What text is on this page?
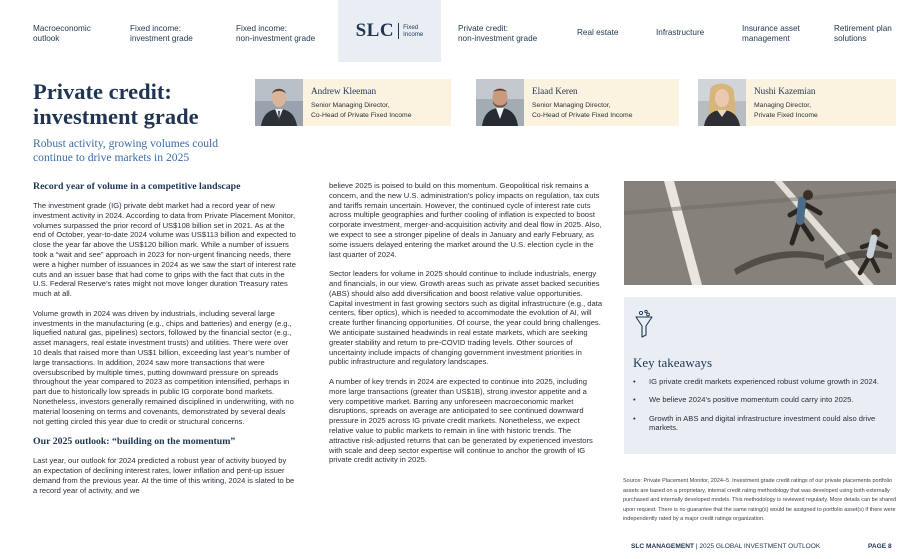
Macroeconomic
outlook
Fixed income:
investment grade
Fixed income:
non-investment grade SLC Fixed
Income
Private credit:
non-investment grade
Real estate	Infrastructure	Insurance asset
management
Retirement plan
solutions
Private credit:
investment grade
Robust activity, growing volumes could continue to drive markets in 2025
Andrew Kleeman
Senior Managing Director,
Co-Head of Private Fixed Income
Elaad Keren
Senior Managing Director,
Co-Head of Private Fixed Income
Nushi Kazemian
Managing Director,
Private Fixed Income
Record year of volume in a competitive landscape

The investment grade (IG) private debt market had a record year of new investment activity in 2024. According to data from Private Placement Monitor, volumes surpassed the prior record of US$108 billion set in 2021. As at the end of October, year-to-date 2024 volume was US$113 billion and expected to close the year far above the US$120 billion mark. While a number of issuers took a “wait and see” approach in 2023 for non-urgent financing needs, there were a higher number of issuances in 2024 as we saw the start of interest rate cuts and an issuer base that had come to grips with the fact that cuts in the U.S. Federal Reserve’s rates might not move longer duration Treasury rates much at all.

Volume growth in 2024 was driven by industrials, including several large investments in the manufacturing (e.g., chips and batteries) and energy (e.g., liquefied natural gas, pipelines) sectors, followed by the financial sector (e.g., asset managers, real estate investment trusts) and utilities. There were over 10 deals that raised more than US$1 billion, exceeding last year’s number of large transactions. In addition, 2024 saw more transactions that were oversubscribed by multiple times, putting downward pressure on spreads throughout the year compared to 2023 as competition intensified, perhaps in part due to historically low spreads in public IG corporate bond markets. Nonetheless, investors generally remained disciplined in underwriting, with no material loosening on terms and covenants, demonstrated by several deals not getting circled this year due to credit or structural concerns.

Our 2025 outlook: “building on the momentum”

Last year, our outlook for 2024 predicted a robust year of activity buoyed by an expectation of declining interest rates, lower inflation and pent-up issuer demand from the previous year. At the time of this writing, 2024 is slated to be a record year of activity, and we

believe 2025 is poised to build on this momentum. Geopolitical risk remains a concern, and the new U.S. administration’s policy impacts on regulation, tax cuts and tariffs remain uncertain. However, the continued cycle of interest rate cuts across multiple geographies and further cooling of inflation is expected to boost corporate investment, merger-and-acquisition activity and deal flow in 2025. Also, we expect to see a stronger pipeline of deals in January and early February, as some issuers delayed entering the market around the U.S. election cycle in the last quarter of 2024.

Sector leaders for volume in 2025 should continue to include industrials, energy and financials, in our view. Growth areas such as private asset backed securities (ABS) should also add diversification and boost relative value opportunities. Capital investment in fast growing sectors such as digital infrastructure (e.g., data centers, fiber optics), which is needed to accommodate the evolution of AI, will create further financing opportunities. Of course, the year could bring challenges. We anticipate sustained headwinds in real estate markets, which are seeking greater stability and return to pre-COVID trading levels. Other sources of uncertainty include impacts of changing government investment priorities in public infrastructure and regulatory landscapes.

A number of key trends in 2024 are expected to continue into 2025, including more large transactions (greater than US$1B), strong investor appetite and a very competitive market. Barring any unforeseen macroeconomic market disruptions, spreads on average are anticipated to see continued downward pressure in 2025 across IG private credit markets. Nonetheless, we expect relative value to public markets to remain in line with historic trends. The attractive risk-adjusted returns that can be generated by experienced investors with scale and deep sector expertise will continue to anchor the growth of IG private credit activity in 2025.

Key takeaways
• IG private credit markets experienced robust volume growth in 2024.
• We believe 2024’s positive momentum could carry into 2025.
• Growth in ABS and digital infrastructure investment could also drive markets.
Source: Private Placement Monitor, 2024–5. Investment grade credit ratings of our private placements portfolio assets are based on a proprietary, internal credit rating methodology that was developed using both externally purchased and internally developed models. This methodology is reviewed regularly. More details can be shared upon request. There is no guarantee that the same rating(s) would be assigned to portfolio asset(s) if there were independently rated by a major credit ratings organization.
SLC MANAGEMENT | 2025 GLOBAL INVESTMENT OUTLOOK	PAGE 8
